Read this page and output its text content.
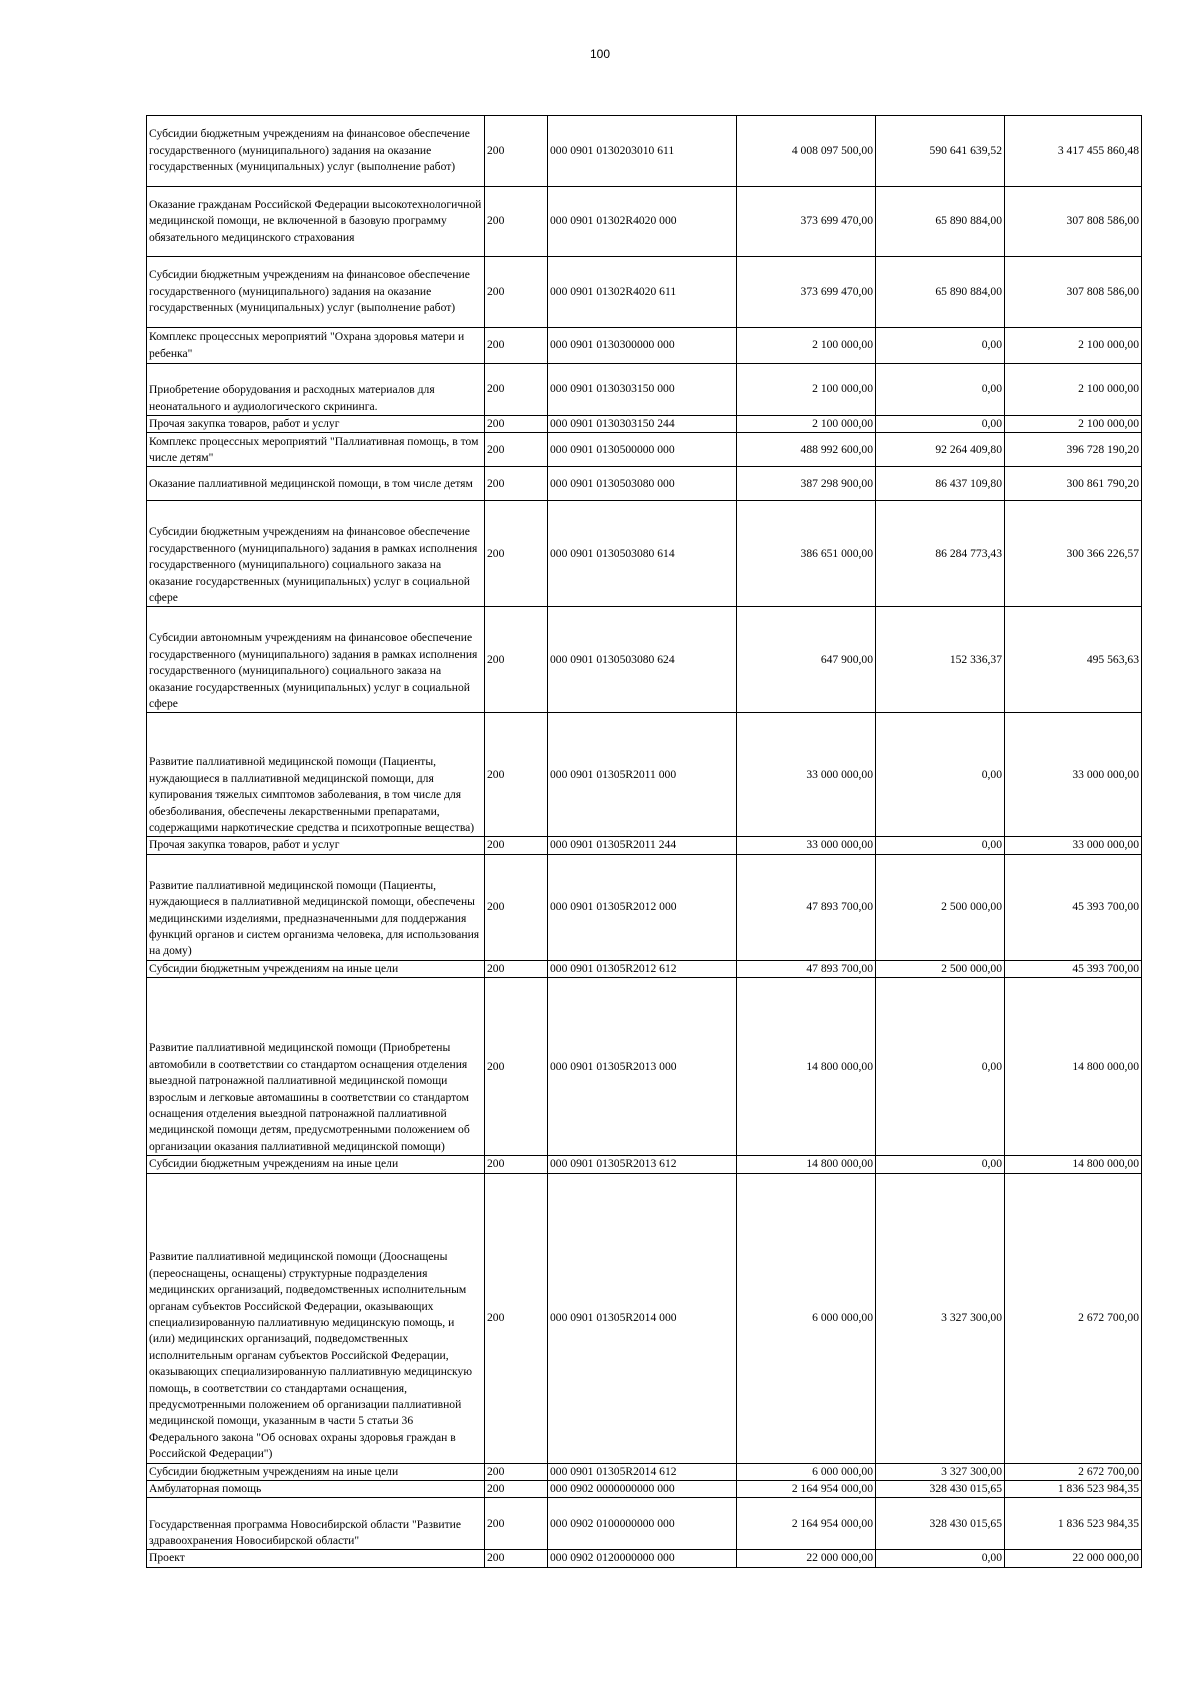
100
Субсидии бюджетным учреждениям на финансовое обеспечение государственного (муниципального) задания на оказание государственных (муниципальных) услуг (выполнение работ)	200	000 0901 0130203010 611	4 008 097 500,00	590 641 639,52	3 417 455 860,48
Оказание гражданам Российской Федерации высокотехнологичной медицинской помощи, не включенной в базовую программу обязательного медицинского страхования	200	000 0901 01302R4020 000	373 699 470,00	65 890 884,00	307 808 586,00
Субсидии бюджетным учреждениям на финансовое обеспечение государственного (муниципального) задания на оказание государственных (муниципальных) услуг (выполнение работ)	200	000 0901 01302R4020 611	373 699 470,00	65 890 884,00	307 808 586,00
Комплекс процессных мероприятий "Охрана здоровья матери и ребенка"	200	000 0901 0130300000 000	2 100 000,00	0,00	2 100 000,00
Приобретение оборудования и расходных материалов для неонатального и аудиологического скрининга.	200	000 0901 0130303150 000	2 100 000,00	0,00	2 100 000,00
Прочая закупка товаров, работ и услуг	200	000 0901 0130303150 244	2 100 000,00	0,00	2 100 000,00
Комплекс процессных мероприятий "Паллиативная помощь, в том числе детям"	200	000 0901 0130500000 000	488 992 600,00	92 264 409,80	396 728 190,20
Оказание паллиативной медицинской помощи, в том числе детям	200	000 0901 0130503080 000	387 298 900,00	86 437 109,80	300 861 790,20
Субсидии бюджетным учреждениям на финансовое обеспечение государственного (муниципального) задания в рамках исполнения государственного (муниципального) социального заказа на оказание государственных (муниципальных) услуг в социальной сфере	200	000 0901 0130503080 614	386 651 000,00	86 284 773,43	300 366 226,57
Субсидии автономным учреждениям на финансовое обеспечение государственного (муниципального) задания в рамках исполнения государственного (муниципального) социального заказа на оказание государственных (муниципальных) услуг в социальной сфере	200	000 0901 0130503080 624	647 900,00	152 336,37	495 563,63
Развитие паллиативной медицинской помощи (Пациенты, нуждающиеся в паллиативной медицинской помощи, для купирования тяжелых симптомов заболевания, в том числе для обезболивания, обеспечены лекарственными препаратами, содержащими наркотические средства и психотропные вещества)	200	000 0901 01305R2011 000	33 000 000,00	0,00	33 000 000,00
Прочая закупка товаров, работ и услуг	200	000 0901 01305R2011 244	33 000 000,00	0,00	33 000 000,00
Развитие паллиативной медицинской помощи (Пациенты, нуждающиеся в паллиативной медицинской помощи, обеспечены медицинскими изделиями, предназначенными для поддержания функций органов и систем организма человека, для использования на дому)	200	000 0901 01305R2012 000	47 893 700,00	2 500 000,00	45 393 700,00
Субсидии бюджетным учреждениям на иные цели	200	000 0901 01305R2012 612	47 893 700,00	2 500 000,00	45 393 700,00
Развитие паллиативной медицинской помощи (Приобретены автомобили в соответствии со стандартом оснащения отделения выездной патронажной паллиативной медицинской помощи взрослым и легковые автомашины в соответствии со стандартом оснащения отделения выездной патронажной паллиативной медицинской помощи детям, предусмотренными положением об организации оказания паллиативной медицинской помощи)	200	000 0901 01305R2013 000	14 800 000,00	0,00	14 800 000,00
Субсидии бюджетным учреждениям на иные цели	200	000 0901 01305R2013 612	14 800 000,00	0,00	14 800 000,00
Развитие паллиативной медицинской помощи (Дооснащены (переоснащены, оснащены) структурные подразделения медицинских организаций, подведомственных исполнительным органам субъектов Российской Федерации, оказывающих специализированную паллиативную медицинскую помощь, и (или) медицинских организаций, подведомственных исполнительным органам субъектов Российской Федерации, оказывающих специализированную паллиативную медицинскую помощь, в соответствии со стандартами оснащения, предусмотренными положением об организации паллиативной медицинской помощи, указанным в части 5 статьи 36 Федерального закона "Об основах охраны здоровья граждан в Российской Федерации")	200	000 0901 01305R2014 000	6 000 000,00	3 327 300,00	2 672 700,00
Субсидии бюджетным учреждениям на иные цели	200	000 0901 01305R2014 612	6 000 000,00	3 327 300,00	2 672 700,00
Амбулаторная помощь	200	000 0902 0000000000 000	2 164 954 000,00	328 430 015,65	1 836 523 984,35
Государственная программа Новосибирской области "Развитие здравоохранения Новосибирской области"	200	000 0902 0100000000 000	2 164 954 000,00	328 430 015,65	1 836 523 984,35
Проект	200	000 0902 0120000000 000	22 000 000,00	0,00	22 000 000,00
